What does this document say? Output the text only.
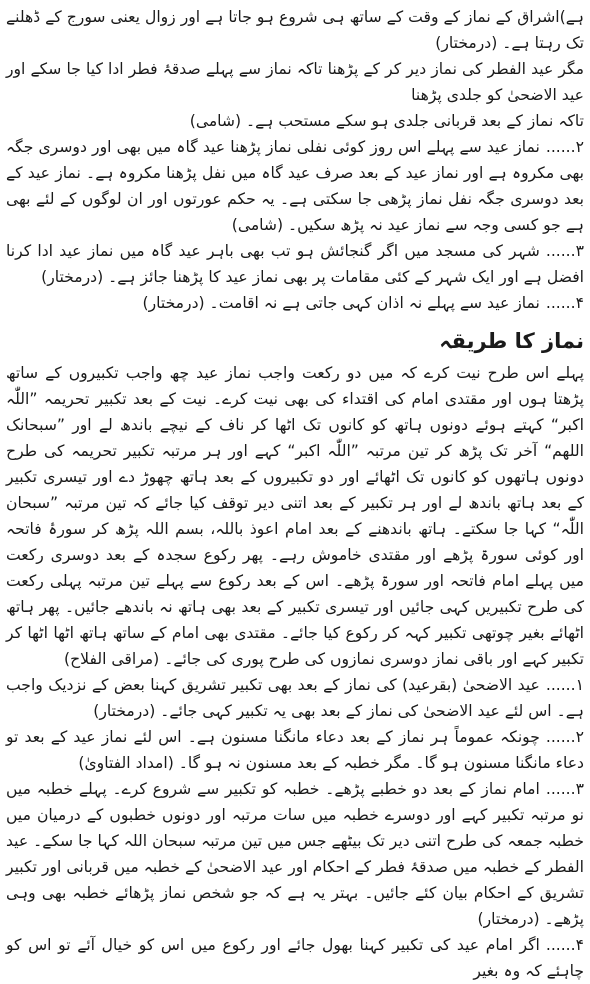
ہے)اشراق کے نماز کے وقت کے ساتھ ہی شروع ہو جاتا ہے اور زوال یعنی سورج کے ڈھلنے تک رہتا ہے۔ (درمختار)

مگر عید الفطر کی نماز دیر کر کے پڑھنا تاکہ نماز سے پہلے صدقۂ فطر ادا کیا جا سکے اور عید الاضحیٰ کو جلدی پڑھنا

تاکہ نماز کے بعد قربانی جلدی ہو سکے مستحب ہے۔ (شامی)

۲......نماز عید سے پہلے اس روز کوئی نفلی نماز پڑھنا عید گاہ میں بھی اور دوسری جگہ بھی مکروہ ہے اور نماز عید کے بعد صرف عید گاہ میں نفل پڑھنا مکروہ ہے۔ نماز عید کے بعد دوسری جگہ نفل نماز پڑھی جا سکتی ہے۔ یہ حکم عورتوں اور ان لوگوں کے لئے بھی ہے جو کسی وجہ سے نماز عید نہ پڑھ سکیں۔ (شامی)
۳......شہر کی مسجد میں اگر گنجائش ہو تب بھی باہر عید گاہ میں نماز عید ادا کرنا افضل ہے اور ایک شہر کے کئی مقامات پر بھی نماز عید کا پڑھنا جائز ہے۔ (درمختار)
۴......نماز عید سے پہلے نہ اذان کہی جاتی ہے نہ اقامت۔ (درمختار)
نماز کا طریقہ
پہلے اس طرح نیت کرے کہ میں دو رکعت واجب نماز عید چھ واجب تکبیروں کے ساتھ پڑھتا ہوں اور مقتدی امام کی اقتداء کی بھی نیت کرے۔ نیت کے بعد تکبیر تحریمہ ”اللّٰہ اکبر“ کہتے ہوئے دونوں ہاتھ کو کانوں تک اٹھا کر ناف کے نیچے باندھ لے اور ”سبحانک اللھم“ آخر تک پڑھ کر تین مرتبہ ”اللّٰہ اکبر“ کہے اور ہر مرتبہ تکبیر تحریمہ کی طرح دونوں ہاتھوں کو کانوں تک اٹھائے اور دو تکبیروں کے بعد ہاتھ چھوڑ دے اور تیسری تکبیر کے بعد ہاتھ باندھ لے اور ہر تکبیر کے بعد اتنی دیر توقف کیا جائے کہ تین مرتبہ ”سبحان اللّٰہ“ کہا جا سکتے۔ ہاتھ باندھنے کے بعد امام اعوذ باللہ، بسم اللہ پڑھ کر سورۂ فاتحہ اور کوئی سورۃ پڑھے اور مقتدی خاموش رہے۔ پھر رکوع سجدہ کے بعد دوسری رکعت میں پہلے امام فاتحہ اور سورۃ پڑھے۔ اس کے بعد رکوع سے پہلے تین مرتبہ پہلی رکعت کی طرح تکبیریں کہی جائیں اور تیسری تکبیر کے بعد بھی ہاتھ نہ باندھے جائیں۔ پھر ہاتھ اٹھائے بغیر چوتھی تکبیر کہہ کر رکوع کیا جائے۔ مقتدی بھی امام کے ساتھ ہاتھ اٹھا اٹھا کر تکبیر کہے اور باقی نماز دوسری نمازوں کی طرح پوری کی جائے۔ (مراقی الفلاح)
۱......عید الاضحیٰ (بقرعید) کی نماز کے بعد بھی تکبیر تشریق کہنا بعض کے نزدیک واجب ہے۔ اس لئے عید الاضحیٰ کی نماز کے بعد بھی یہ تکبیر کہی جائے۔ (درمختار)
۲......چونکہ عموماً ہر نماز کے بعد دعاء مانگنا مسنون ہے۔ اس لئے نماز عید کے بعد تو دعاء مانگنا مسنون ہو گا۔ مگر خطبہ کے بعد مسنون نہ ہو گا۔ (امداد الفتاویٰ)
۳......امام نماز کے بعد دو خطبے پڑھے۔ خطبہ کو تکبیر سے شروع کرے۔ پہلے خطبہ میں نو مرتبہ تکبیر کہے اور دوسرے خطبہ میں سات مرتبہ اور دونوں خطبوں کے درمیان میں خطبہ جمعہ کی طرح اتنی دیر تک بیٹھے جس میں تین مرتبہ سبحان اللہ کہا جا سکے۔ عید الفطر کے خطبہ میں صدقۂ فطر کے احکام اور عید الاضحیٰ کے خطبہ میں قربانی اور تکبیر تشریق کے احکام بیان کئے جائیں۔ بہتر یہ ہے کہ جو شخص نماز پڑھائے خطبہ بھی وہی پڑھے۔ (درمختار)
۴......اگر امام عید کی تکبیر کہنا بھول جائے اور رکوع میں اس کو خیال آئے تو اس کو چاہئے کہ وہ بغیر
